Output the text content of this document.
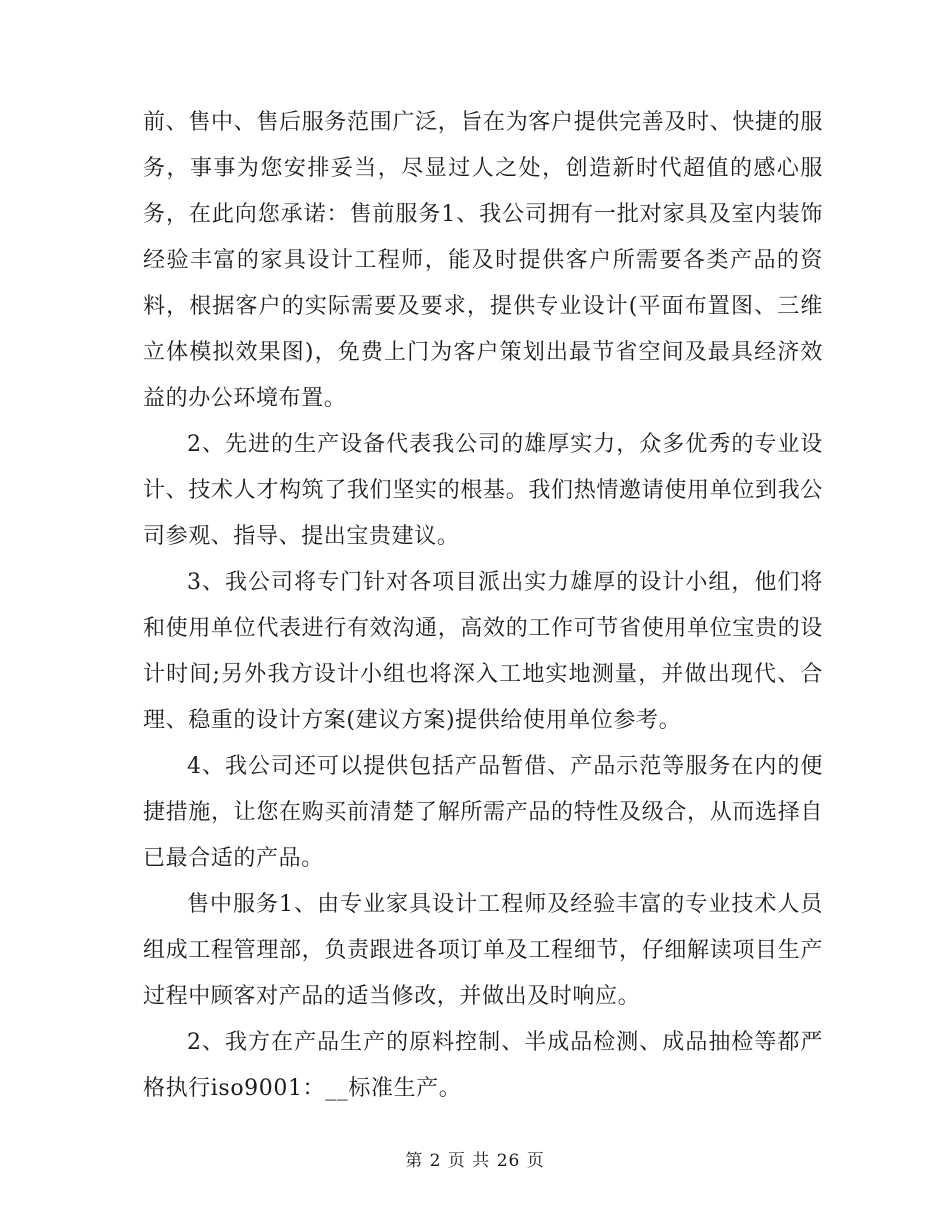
前、售中、售后服务范围广泛，旨在为客户提供完善及时、快捷的服务，事事为您安排妥当，尽显过人之处，创造新时代超值的感心服务，在此向您承诺：售前服务1、我公司拥有一批对家具及室内装饰经验丰富的家具设计工程师，能及时提供客户所需要各类产品的资料，根据客户的实际需要及要求，提供专业设计(平面布置图、三维立体模拟效果图)，免费上门为客户策划出最节省空间及最具经济效益的办公环境布置。

2、先进的生产设备代表我公司的雄厚实力，众多优秀的专业设计、技术人才构筑了我们坚实的根基。我们热情邀请使用单位到我公司参观、指导、提出宝贵建议。

3、我公司将专门针对各项目派出实力雄厚的设计小组，他们将和使用单位代表进行有效沟通，高效的工作可节省使用单位宝贵的设计时间;另外我方设计小组也将深入工地实地测量，并做出现代、合理、稳重的设计方案(建议方案)提供给使用单位参考。

4、我公司还可以提供包括产品暂借、产品示范等服务在内的便捷措施，让您在购买前清楚了解所需产品的特性及级合，从而选择自已最合适的产品。

售中服务1、由专业家具设计工程师及经验丰富的专业技术人员组成工程管理部，负责跟进各项订单及工程细节，仔细解读项目生产过程中顾客对产品的适当修改，并做出及时响应。

2、我方在产品生产的原料控制、半成品检测、成品抽检等都严格执行iso9001：__标准生产。

第 2 页 共 26 页
